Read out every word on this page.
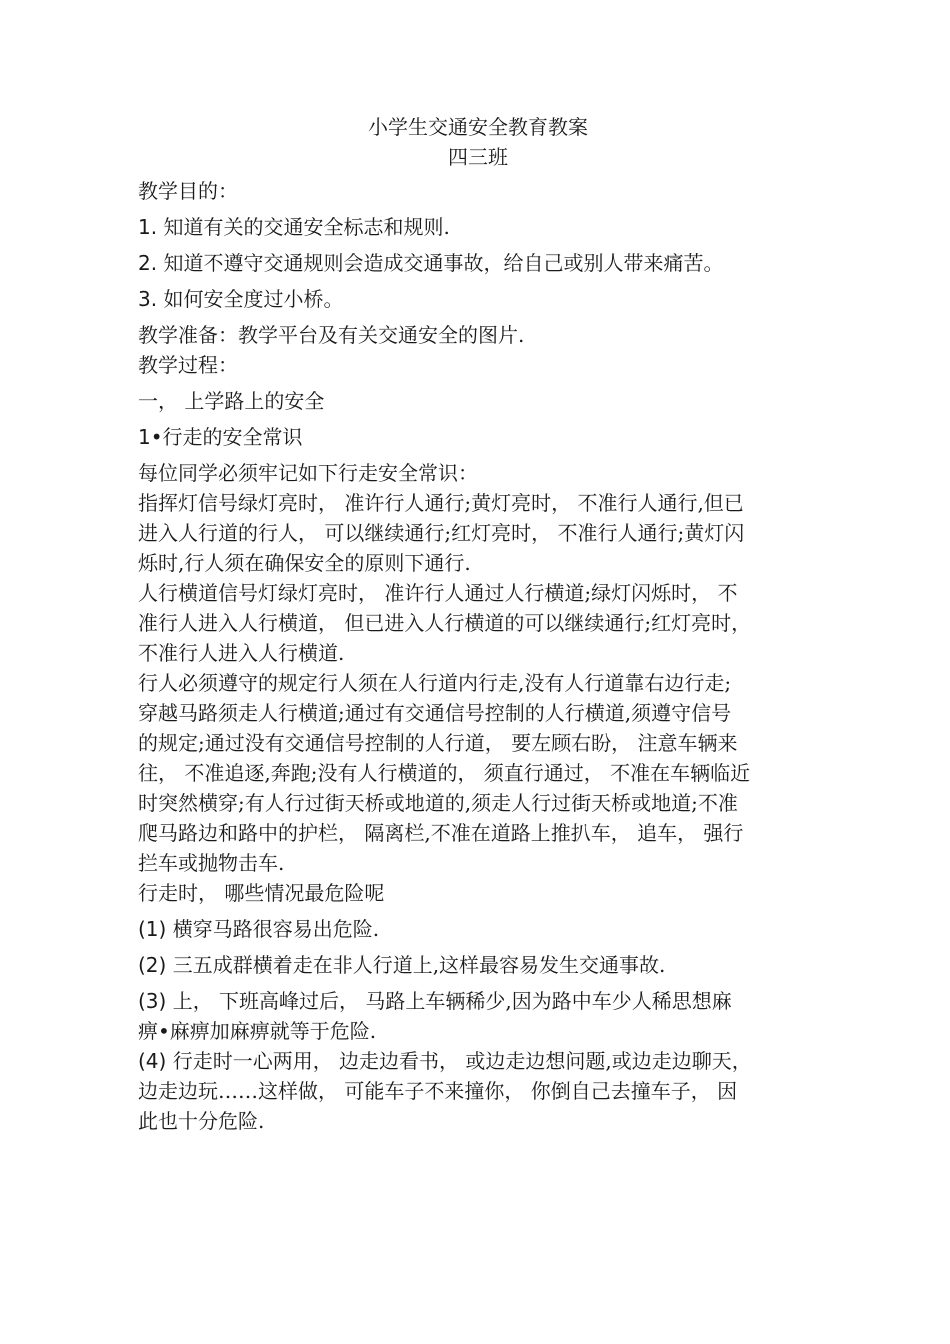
小学生交通安全教育教案

四三班

教学目的：

1. 知道有关的交通安全标志和规则.

2. 知道不遵守交通规则会造成交通事故，给自己或别人带来痛苦。

3. 如何安全度过小桥。

教学准备：教学平台及有关交通安全的图片.

教学过程：

一， 上学路上的安全

1•行走的安全常识

每位同学必须牢记如下行走安全常识：

指挥灯信号绿灯亮时， 准许行人通行;黄灯亮时， 不准行人通行,但已

进入人行道的行人， 可以继续通行;红灯亮时， 不准行人通行;黄灯闪

烁时,行人须在确保安全的原则下通行.

人行横道信号灯绿灯亮时， 准许行人通过人行横道;绿灯闪烁时， 不

准行人进入人行横道， 但已进入人行横道的可以继续通行;红灯亮时，

不准行人进入人行横道.

行人必须遵守的规定行人须在人行道内行走,没有人行道靠右边行走;

穿越马路须走人行横道;通过有交通信号控制的人行横道,须遵守信号

的规定;通过没有交通信号控制的人行道， 要左顾右盼， 注意车辆来

往， 不准追逐,奔跑;没有人行横道的， 须直行通过， 不准在车辆临近

时突然横穿;有人行过街天桥或地道的,须走人行过街天桥或地道;不准

爬马路边和路中的护栏， 隔离栏,不准在道路上推扒车， 追车， 强行

拦车或抛物击车.

行走时， 哪些情况最危险呢

(1) 横穿马路很容易出危险.

(2) 三五成群横着走在非人行道上,这样最容易发生交通事故.

(3) 上， 下班高峰过后， 马路上车辆稀少,因为路中车少人稀思想麻

痹•麻痹加麻痹就等于危险.

(4) 行走时一心两用， 边走边看书， 或边走边想问题,或边走边聊天，

边走边玩……这样做， 可能车子不来撞你， 你倒自己去撞车子， 因

此也十分危险.
